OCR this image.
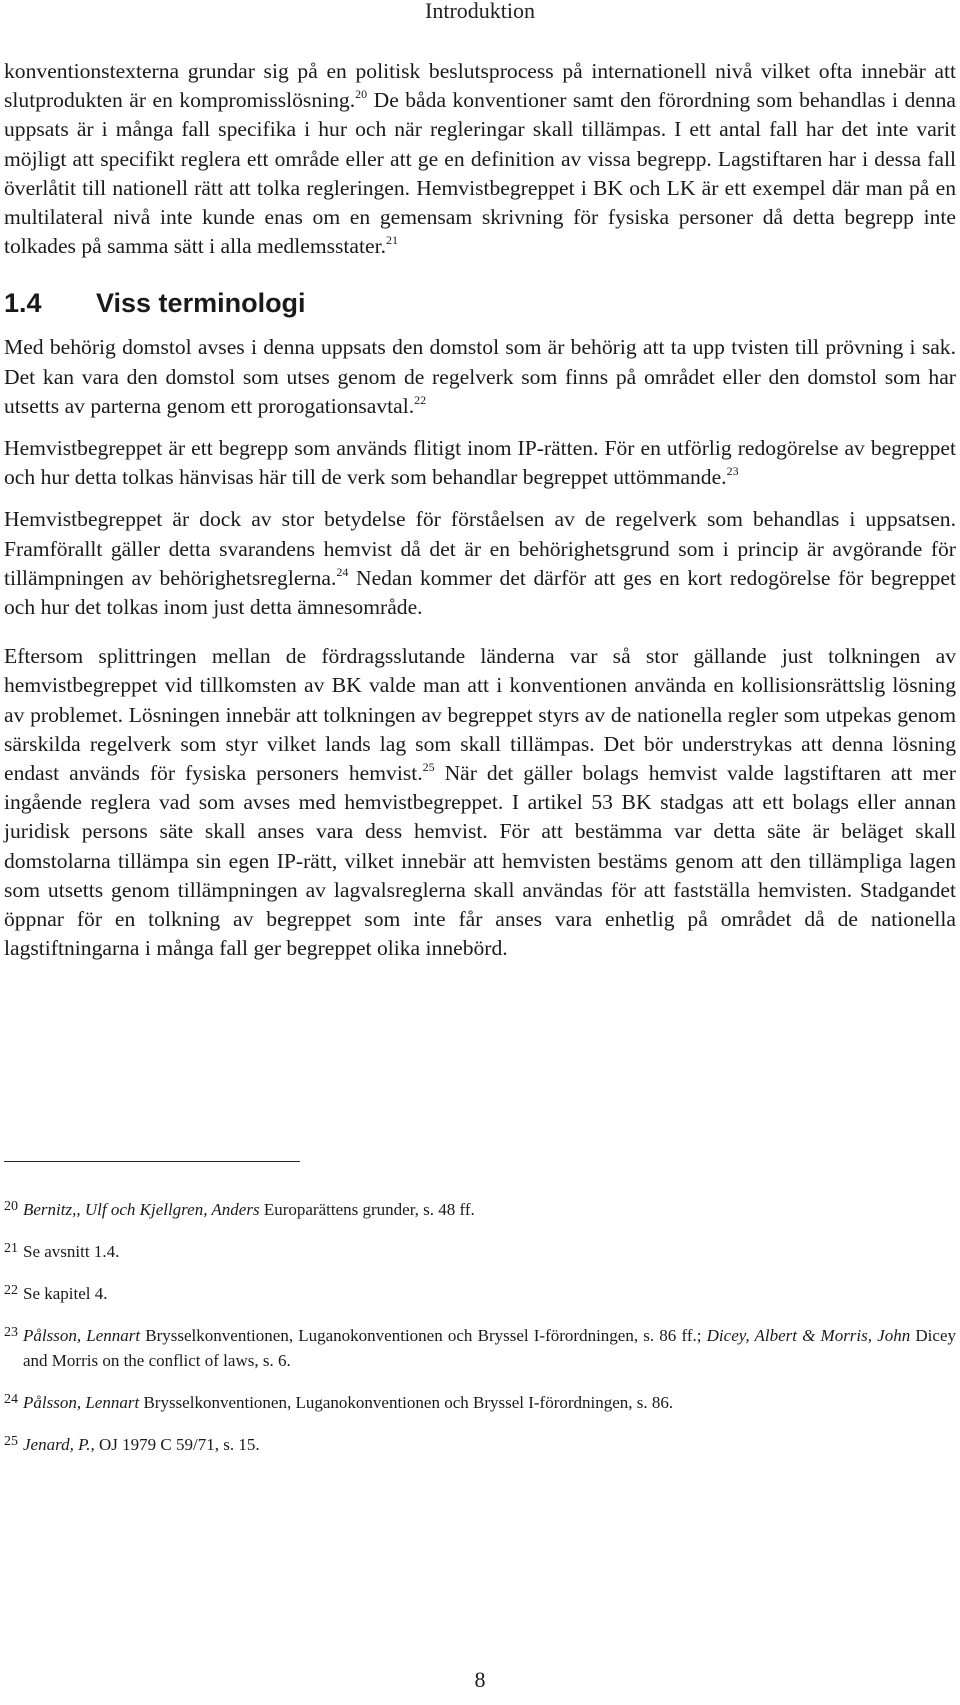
Introduktion

konventionstexterna grundar sig på en politisk beslutsprocess på internationell nivå vilket ofta innebär att slutprodukten är en kompromisslösning.$^{20}$ De båda konventioner samt den förordning som behandlas i denna uppsats är i många fall specifika i hur och när regleringar skall tillämpas. I ett antal fall har det inte varit möjligt att specifikt reglera ett område eller att ge en definition av vissa begrepp. Lagstiftaren har i dessa fall överlåtit till nationell rätt att tolka regleringen. Hemvistbegreppet i BK och LK är ett exempel där man på en multilateral nivå inte kunde enas om en gemensam skrivning för fysiska personer då detta begrepp inte tolkades på samma sätt i alla medlemsstater.$^{21}$

1.4	Viss terminologi

Med behörig domstol avses i denna uppsats den domstol som är behörig att ta upp tvisten till prövning i sak. Det kan vara den domstol som utses genom de regelverk som finns på området eller den domstol som har utsetts av parterna genom ett prorogationsavtal.$^{22}$

Hemvistbegreppet är ett begrepp som används flitigt inom IP-rätten. För en utförlig redogörelse av begreppet och hur detta tolkas hänvisas här till de verk som behandlar begreppet uttömmande.$^{23}$

Hemvistbegreppet är dock av stor betydelse för förståelsen av de regelverk som behandlas i uppsatsen. Framförallt gäller detta svarandens hemvist då det är en behörighetsgrund som i princip är avgörande för tillämpningen av behörighetsreglerna.$^{24}$ Nedan kommer det därför att ges en kort redogörelse för begreppet och hur det tolkas inom just detta ämnesområde.

Eftersom splittringen mellan de fördragsslutande länderna var så stor gällande just tolkningen av hemvistbegreppet vid tillkomsten av BK valde man att i konventionen använda en kollisionsrättslig lösning av problemet. Lösningen innebär att tolkningen av begreppet styrs av de nationella regler som utpekas genom särskilda regelverk som styr vilket lands lag som skall tillämpas. Det bör understrykas att denna lösning endast används för fysiska personers hemvist.$^{25}$ När det gäller bolags hemvist valde lagstiftaren att mer ingående reglera vad som avses med hemvistbegreppet. I artikel 53 BK stadgas att ett bolags eller annan juridisk persons säte skall anses vara dess hemvist. För att bestämma var detta säte är beläget skall domstolarna tillämpa sin egen IP-rätt, vilket innebär att hemvisten bestäms genom att den tillämpliga lagen som utsetts genom tillämpningen av lagvalsreglerna skall användas för att fastställa hemvisten. Stadgandet öppnar för en tolkning av begreppet som inte får anses vara enhetlig på området då de nationella lagstiftningarna i många fall ger begreppet olika innebörd.

20 Bernitz,, Ulf och Kjellgren, Anders Europarättens grunder, s. 48 ff.
21 Se avsnitt 1.4.
22 Se kapitel 4.
23 Pålsson, Lennart Brysselkonventionen, Luganokonventionen och Bryssel I-förordningen, s. 86 ff.; Dicey, Albert & Morris, John Dicey and Morris on the conflict of laws, s. 6.
24 Pålsson, Lennart Brysselkonventionen, Luganokonventionen och Bryssel I-förordningen, s. 86.
25 Jenard, P., OJ 1979 C 59/71, s. 15.
8
